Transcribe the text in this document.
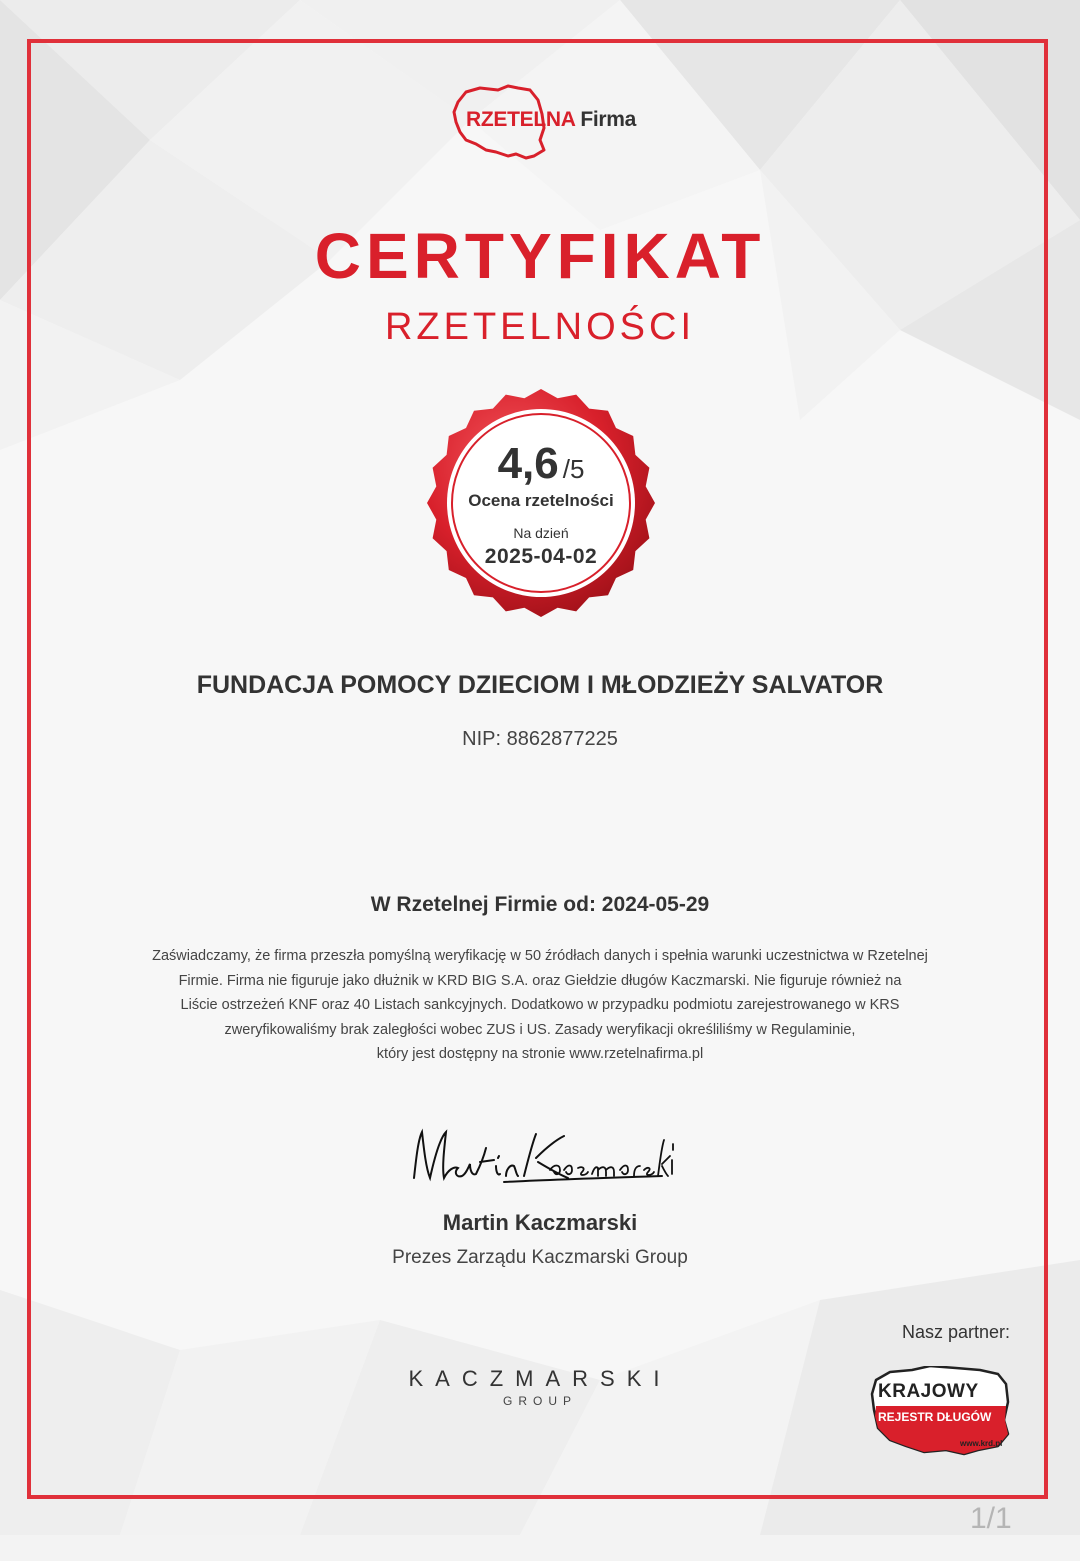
RZETELNA Firma
CERTYFIKAT
RZETELNOŚCI
4,6 /5
Ocena rzetelności
Na dzień
2025-04-02
FUNDACJA POMOCY DZIECIOM I MŁODZIEŻY SALVATOR
NIP: 8862877225
W Rzetelnej Firmie od: 2024-05-29
Zaświadczamy, że firma przeszła pomyślną weryfikację w 50 źródłach danych i spełnia warunki uczestnictwa w Rzetelnej
Firmie. Firma nie figuruje jako dłużnik w KRD BIG S.A. oraz Giełdzie długów Kaczmarski. Nie figuruje również na
Liście ostrzeżeń KNF oraz 40 Listach sankcyjnych. Dodatkowo w przypadku podmiotu zarejestrowanego w KRS
zweryfikowaliśmy brak zaległości wobec ZUS i US. Zasady weryfikacji określiliśmy w Regulaminie,
który jest dostępny na stronie www.rzetelnafirma.pl
Martin Kaczmarski
Prezes Zarządu Kaczmarski Group
Nasz partner:
KACZMARSKI
GROUP	KRAJOWY
REJESTR DŁUGÓW
www.krd.pl
1/1
